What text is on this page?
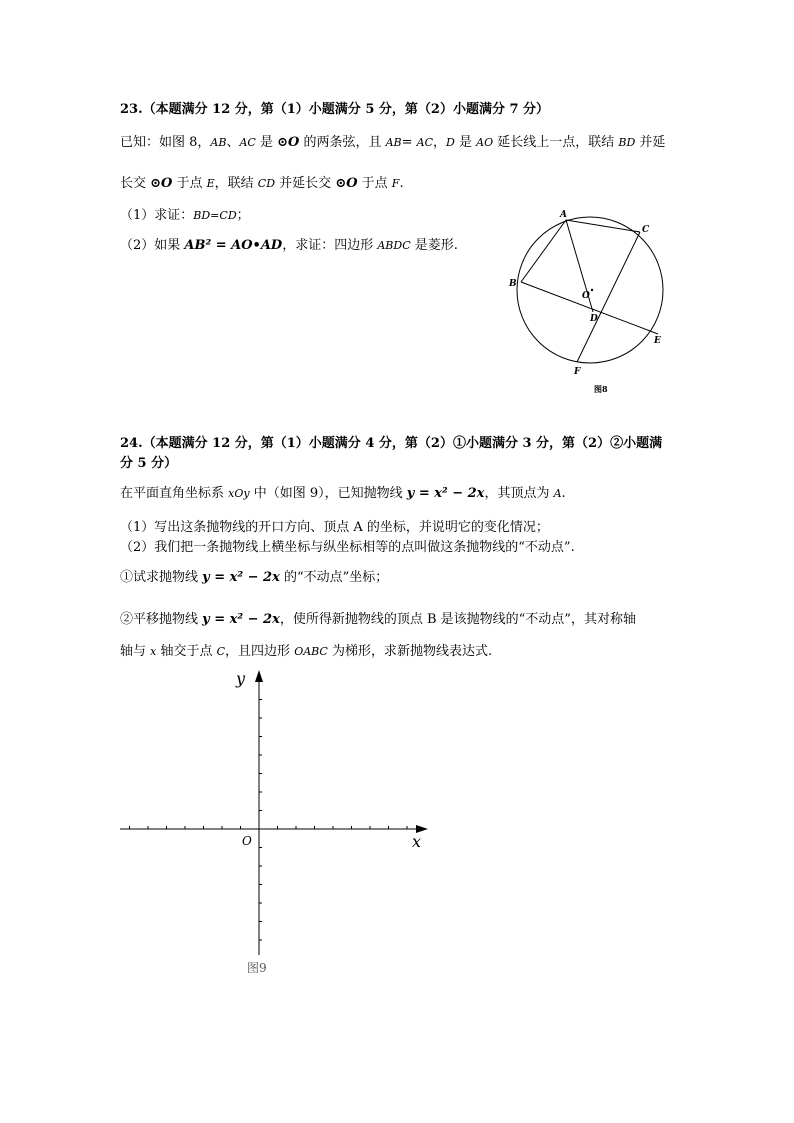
23.（本题满分 12 分，第（1）小题满分 5 分，第（2）小题满分 7 分）
已知：如图 8，AB、AC 是 ⊙O 的两条弦，且 AB= AC，D 是 AO 延长线上一点，联结 BD 并延
长交 ⊙O 于点 E，联结 CD 并延长交 ⊙O 于点 F.
（1）求证：BD=CD；
（2）如果 AB² = AO•AD，求证：四边形 ABDC 是菱形.
A
C
B
O
D
E
F
图8
24.（本题满分 12 分，第（1）小题满分 4 分，第（2）①小题满分 3 分，第（2）②小题满
分 5 分）
在平面直角坐标系 xOy 中（如图 9），已知抛物线 y = x² − 2x，其顶点为 A.
（1）写出这条抛物线的开口方向、顶点 A 的坐标，并说明它的变化情况；
（2）我们把一条抛物线上横坐标与纵坐标相等的点叫做这条抛物线的“不动点”.
①试求抛物线 y = x² − 2x 的“不动点”坐标；
②平移抛物线 y = x² − 2x，使所得新抛物线的顶点 B 是该抛物线的“不动点”，其对称轴
轴与 x 轴交于点 C，且四边形 OABC 为梯形，求新抛物线表达式.
y
x
O
图9
